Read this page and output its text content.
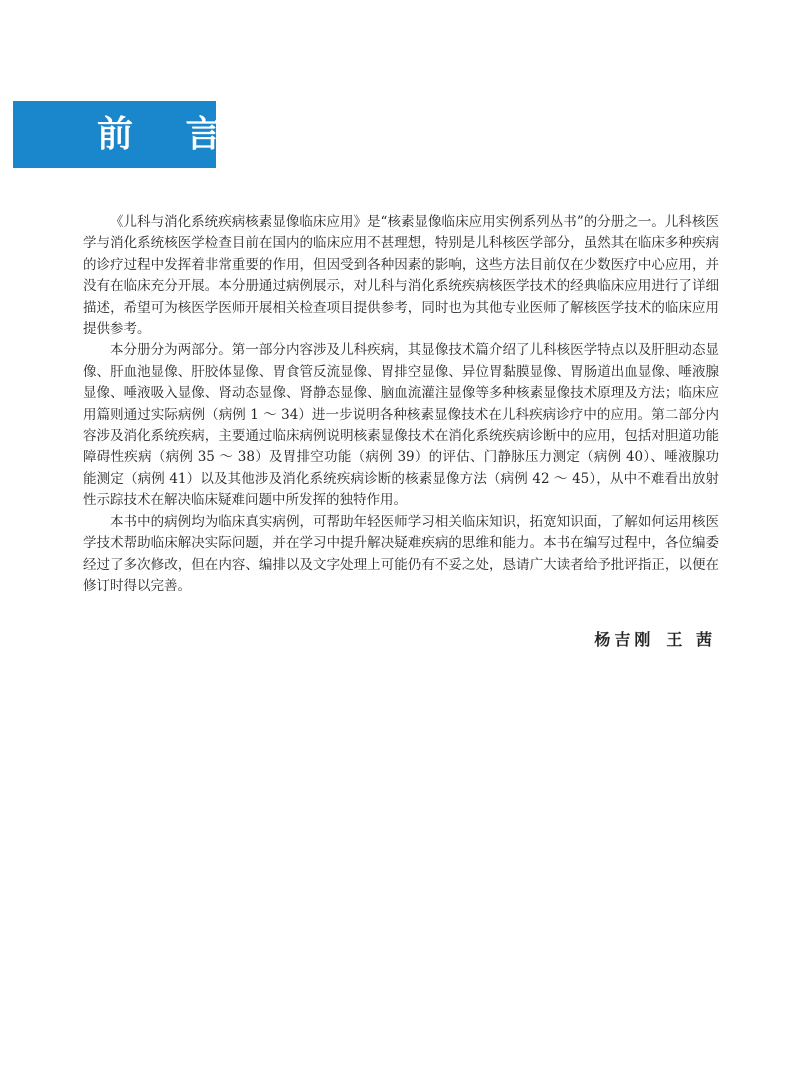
前 言

《儿科与消化系统疾病核素显像临床应用》是“核素显像临床应用实例系列丛书”的分册之一。儿科核医学与消化系统核医学检查目前在国内的临床应用不甚理想，特别是儿科核医学部分，虽然其在临床多种疾病的诊疗过程中发挥着非常重要的作用，但因受到各种因素的影响，这些方法目前仅在少数医疗中心应用，并没有在临床充分开展。本分册通过病例展示，对儿科与消化系统疾病核医学技术的经典临床应用进行了详细描述，希望可为核医学医师开展相关检查项目提供参考，同时也为其他专业医师了解核医学技术的临床应用提供参考。

本分册分为两部分。第一部分内容涉及儿科疾病，其显像技术篇介绍了儿科核医学特点以及肝胆动态显像、肝血池显像、肝胶体显像、胃食管反流显像、胃排空显像、异位胃黏膜显像、胃肠道出血显像、唾液腺显像、唾液吸入显像、肾动态显像、肾静态显像、脑血流灌注显像等多种核素显像技术原理及方法；临床应用篇则通过实际病例（病例 1 ～ 34）进一步说明各种核素显像技术在儿科疾病诊疗中的应用。第二部分内容涉及消化系统疾病，主要通过临床病例说明核素显像技术在消化系统疾病诊断中的应用，包括对胆道功能障碍性疾病（病例 35 ～ 38）及胃排空功能（病例 39）的评估、门静脉压力测定（病例 40）、唾液腺功能测定（病例 41）以及其他涉及消化系统疾病诊断的核素显像方法（病例 42 ～ 45），从中不难看出放射性示踪技术在解决临床疑难问题中所发挥的独特作用。

本书中的病例均为临床真实病例，可帮助年轻医师学习相关临床知识，拓宽知识面，了解如何运用核医学技术帮助临床解决实际问题，并在学习中提升解决疑难疾病的思维和能力。本书在编写过程中，各位编委经过了多次修改，但在内容、编排以及文字处理上可能仍有不妥之处，恳请广大读者给予批评指正，以便在修订时得以完善。

杨吉刚 王 茜
